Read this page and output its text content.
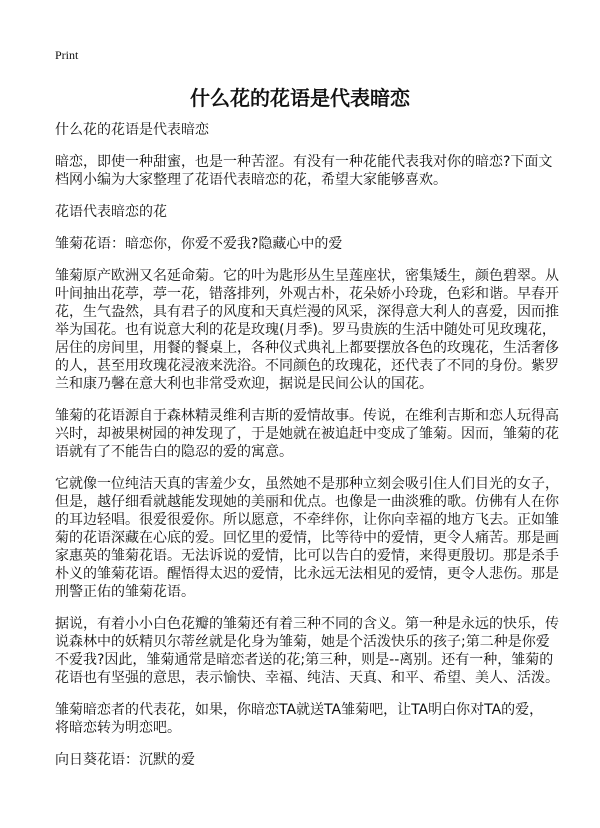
Print
什么花的花语是代表暗恋

什么花的花语是代表暗恋

暗恋，即使一种甜蜜，也是一种苦涩。有没有一种花能代表我对你的暗恋?下面文
档网小编为大家整理了花语代表暗恋的花，希望大家能够喜欢。

花语代表暗恋的花

雏菊花语：暗恋你，你爱不爱我?隐藏心中的爱

雏菊原产欧洲又名延命菊。它的叶为匙形丛生呈莲座状，密集矮生，颜色碧翠。从
叶间抽出花葶，葶一花，错落排列，外观古朴，花朵娇小玲珑，色彩和谐。早春开
花，生气盎然，具有君子的风度和天真烂漫的风采，深得意大利人的喜爱，因而推
举为国花。也有说意大利的花是玫瑰(月季)。罗马贵族的生活中随处可见玫瑰花，
居住的房间里，用餐的餐桌上，各种仪式典礼上都要摆放各色的玫瑰花，生活奢侈
的人，甚至用玫瑰花浸液来洗浴。不同颜色的玫瑰花，还代表了不同的身份。紫罗
兰和康乃馨在意大利也非常受欢迎，据说是民间公认的国花。

雏菊的花语源自于森林精灵维利吉斯的爱情故事。传说，在维利吉斯和恋人玩得高
兴时，却被果树园的神发现了，于是她就在被追赶中变成了雏菊。因而，雏菊的花
语就有了不能告白的隐忍的爱的寓意。

它就像一位纯洁天真的害羞少女，虽然她不是那种立刻会吸引住人们目光的女子，
但是，越仔细看就越能发现她的美丽和优点。也像是一曲淡雅的歌。仿佛有人在你
的耳边轻唱。很爱很爱你。所以愿意，不牵绊你，让你向幸福的地方飞去。正如雏
菊的花语深藏在心底的爱。回忆里的爱情，比等待中的爱情，更令人痛苦。那是画
家惠英的雏菊花语。无法诉说的爱情，比可以告白的爱情，来得更殷切。那是杀手
朴义的雏菊花语。醒悟得太迟的爱情，比永远无法相见的爱情，更令人悲伤。那是
刑警正佑的雏菊花语。

据说，有着小小白色花瓣的雏菊还有着三种不同的含义。第一种是永远的快乐，传
说森林中的妖精贝尔蒂丝就是化身为雏菊，她是个活泼快乐的孩子;第二种是你爱
不爱我?因此，雏菊通常是暗恋者送的花;第三种，则是--离别。还有一种，雏菊的
花语也有坚强的意思，表示愉快、幸福、纯洁、天真、和平、希望、美人、活泼。

雏菊暗恋者的代表花，如果，你暗恋TA就送TA雏菊吧，让TA明白你对TA的爱，
将暗恋转为明恋吧。

向日葵花语：沉默的爱
